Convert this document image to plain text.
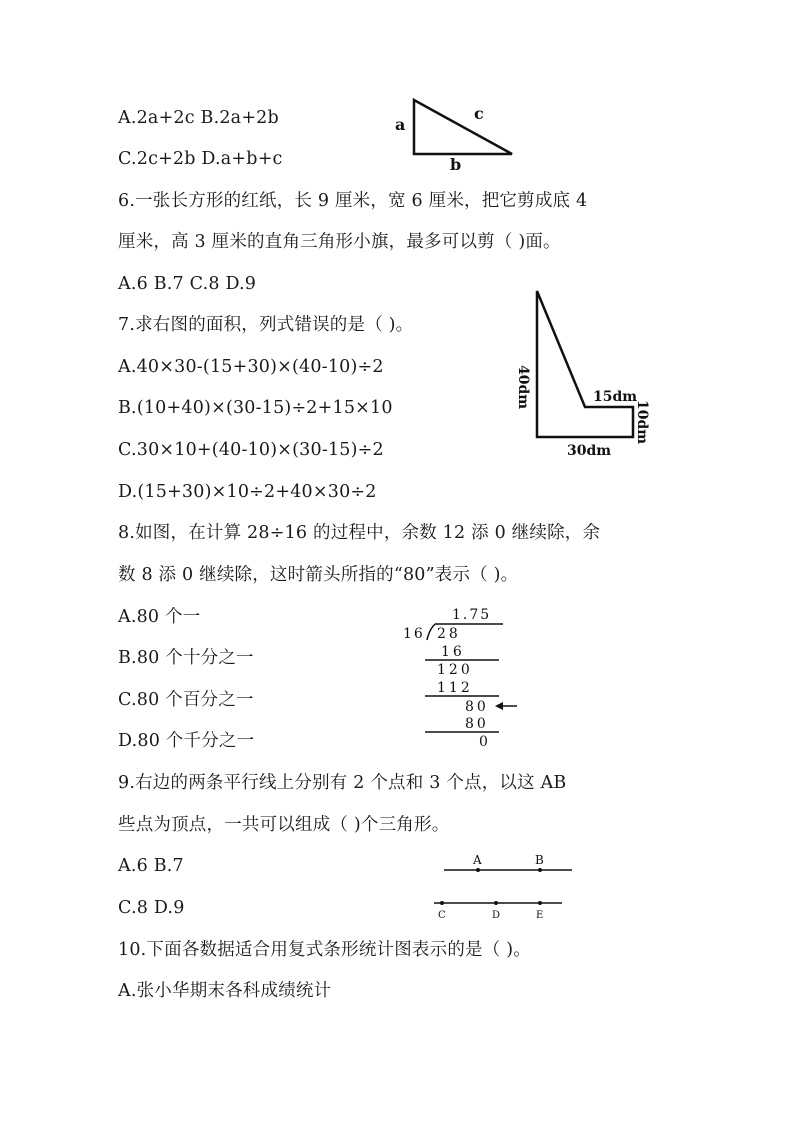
A.2a+2c B.2a+2b
C.2c+2b D.a+b+c
a
c
b
6.一张长方形的红纸，长 9 厘米，宽 6 厘米，把它剪成底 4
厘米，高 3 厘米的直角三角形小旗，最多可以剪（ )面。
A.6 B.7 C.8 D.9
7.求右图的面积，列式错误的是（ )。
A.40×30-(15+30)×(40-10)÷2
B.(10+40)×(30-15)÷2+15×10
C.30×10+(40-10)×(30-15)÷2
D.(15+30)×10÷2+40×30÷2
40dm	15dm
10dm
30dm
8.如图，在计算 28÷16 的过程中，余数 12 添 0 继续除，余
数 8 添 0 继续除，这时箭头所指的“80”表示（ )。
A.80 个一
B.80 个十分之一
C.80 个百分之一
D.80 个千分之一
1.75
16 28
16
120
112
80
80
0
9.右边的两条平行线上分别有 2 个点和 3 个点，以这 AB
些点为顶点，一共可以组成（ )个三角形。
A.6 B.7
C.8 D.9
A	B
C	D	E
10.下面各数据适合用复式条形统计图表示的是（ )。
A.张小华期末各科成绩统计
